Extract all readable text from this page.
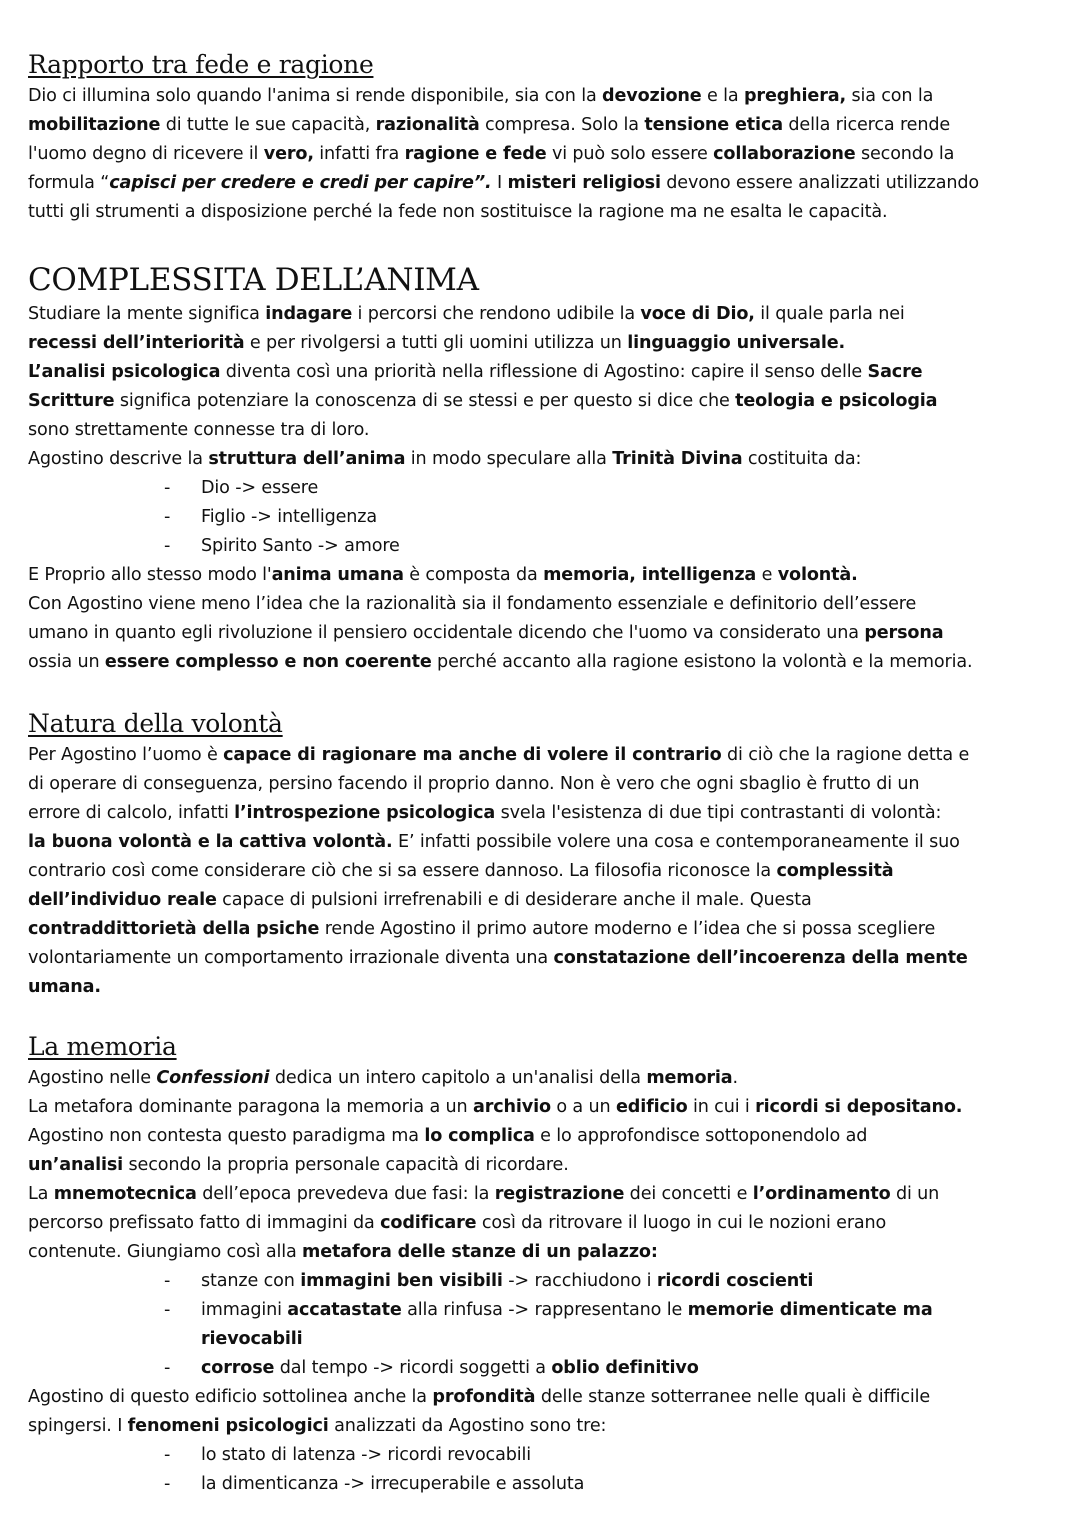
Rapporto tra fede e ragione
Dio ci illumina solo quando l'anima si rende disponibile, sia con la devozione e la preghiera, sia con la
mobilitazione di tutte le sue capacità, razionalità compresa. Solo la tensione etica della ricerca rende
l'uomo degno di ricevere il vero, infatti fra ragione e fede vi può solo essere collaborazione secondo la
formula “capisci per credere e credi per capire”. I misteri religiosi devono essere analizzati utilizzando
tutti gli strumenti a disposizione perché la fede non sostituisce la ragione ma ne esalta le capacità.
COMPLESSITA DELL’ANIMA
Studiare la mente significa indagare i percorsi che rendono udibile la voce di Dio, il quale parla nei
recessi dell’interiorità e per rivolgersi a tutti gli uomini utilizza un linguaggio universale.
L’analisi psicologica diventa così una priorità nella riflessione di Agostino: capire il senso delle Sacre
Scritture significa potenziare la conoscenza di se stessi e per questo si dice che teologia e psicologia
sono strettamente connesse tra di loro.
Agostino descrive la struttura dell’anima in modo speculare alla Trinità Divina costituita da:
- Dio -> essere
- Figlio -> intelligenza
- Spirito Santo -> amore
E Proprio allo stesso modo l'anima umana è composta da memoria, intelligenza e volontà.
Con Agostino viene meno l’idea che la razionalità sia il fondamento essenziale e definitorio dell’essere
umano in quanto egli rivoluzione il pensiero occidentale dicendo che l'uomo va considerato una persona
ossia un essere complesso e non coerente perché accanto alla ragione esistono la volontà e la memoria.
Natura della volontà
Per Agostino l’uomo è capace di ragionare ma anche di volere il contrario di ciò che la ragione detta e
di operare di conseguenza, persino facendo il proprio danno. Non è vero che ogni sbaglio è frutto di un
errore di calcolo, infatti l’introspezione psicologica svela l'esistenza di due tipi contrastanti di volontà:
la buona volontà e la cattiva volontà. E’ infatti possibile volere una cosa e contemporaneamente il suo
contrario così come considerare ciò che si sa essere dannoso. La filosofia riconosce la complessità
dell’individuo reale capace di pulsioni irrefrenabili e di desiderare anche il male. Questa
contraddittorietà della psiche rende Agostino il primo autore moderno e l’idea che si possa scegliere
volontariamente un comportamento irrazionale diventa una constatazione dell’incoerenza della mente
umana.
La memoria
Agostino nelle Confessioni dedica un intero capitolo a un'analisi della memoria.
La metafora dominante paragona la memoria a un archivio o a un edificio in cui i ricordi si depositano.
Agostino non contesta questo paradigma ma lo complica e lo approfondisce sottoponendolo ad
un’analisi secondo la propria personale capacità di ricordare.
La mnemotecnica dell’epoca prevedeva due fasi: la registrazione dei concetti e l’ordinamento di un
percorso prefissato fatto di immagini da codificare così da ritrovare il luogo in cui le nozioni erano
contenute. Giungiamo così alla metafora delle stanze di un palazzo:
- stanze con immagini ben visibili -> racchiudono i ricordi coscienti
- immagini accatastate alla rinfusa -> rappresentano le memorie dimenticate ma
rievocabili
- corrose dal tempo -> ricordi soggetti a oblio definitivo
Agostino di questo edificio sottolinea anche la profondità delle stanze sotterranee nelle quali è difficile
spingersi. I fenomeni psicologici analizzati da Agostino sono tre:
- lo stato di latenza -> ricordi revocabili
- la dimenticanza -> irrecuperabile e assoluta
